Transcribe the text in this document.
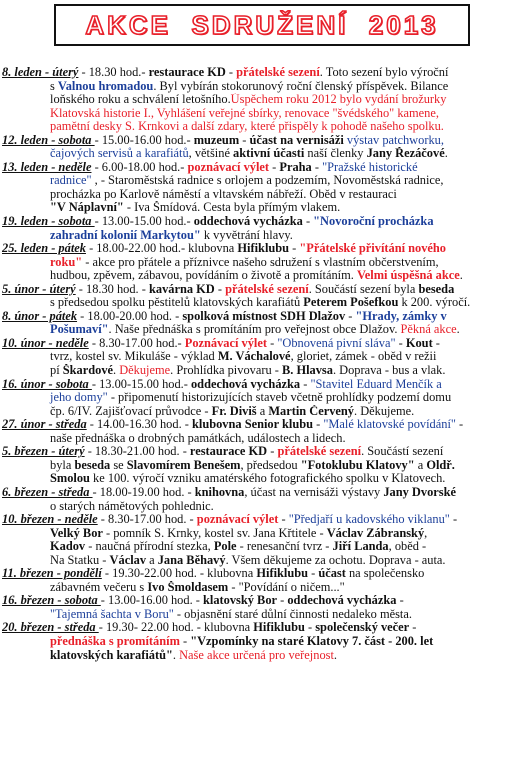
AKCE  SDRUŽENÍ  2013

8. leden - úterý - 18.30 hod.- restaurace KD - přátelské sezení. Toto sezení bylo výroční

s Valnou hromadou. Byl vybírán stokorunový roční členský příspěvek. Bilance

loňského roku a schválení letošního.Úspěchem roku 2012 bylo vydání brožurky

Klatovská historie I., Vyhlášení veřejné sbírky, renovace "švédského" kamene,

pamětní desky S. Krnkovi a další zdary, které přispěly k pohodě našeho spolku.

12. leden - sobota - 15.00-16.00 hod.- muzeum - účast na vernisáži výstav patchworku,

čajových servisů a karafiátů, většiné aktivní účasti naší členky Jany Řezáčové.

13. leden - neděle - 6.00-18.00 hod.- poznávací výlet - Praha - "Pražské historické

radnice" , - Staroměstská radnice s orlojem a podzemím, Novoměstská radnice,

procházka po Karlově náměstí a vltavském nábřeží. Oběd v restauraci

"V Náplavní" - Iva Šmídová. Cesta byla přímým vlakem.

19. leden - sobota - 13.00-15.00 hod.- oddechová vycházka - "Novoroční procházka

zahradní kolonií Markytou" k vyvětrání hlavy.

25. leden - pátek - 18.00-22.00 hod.- klubovna Hifiklubu - "Přátelské přivítání nového

roku" - akce pro přátele a příznivce našeho sdružení s vlastním občerstvením,

hudbou, zpěvem, zábavou, povídáním o životě a promítáním. Velmi úspěšná akce.

5. únor - úterý - 18.30 hod. - kavárna KD - přátelské sezení. Součástí sezení byla beseda

s předsedou spolku pěstitelů klatovských karafiátů Peterem Pošefkou k 200. výročí.

8. únor - pátek - 18.00-20.00 hod. - spolková místnost SDH Dlažov - "Hrady, zámky v

Pošumaví". Naše přednáška s promítáním pro veřejnost obce Dlažov. Pěkná akce.

10. únor - neděle - 8.30-17.00 hod.- Poznávací výlet - "Obnovená pivní sláva" - Kout -

tvrz, kostel sv. Mikuláše - výklad M. Váchalové, gloriet, zámek - oběd v režii

pí Škardové. Děkujeme. Prohlídka pivovaru - B. Hlavsa. Doprava - bus a vlak.

16. únor - sobota - 13.00-15.00 hod.- oddechová vycházka - "Stavitel Eduard Menčík a

jeho domy" - připomenutí historizujících staveb včetně prohlídky podzemí domu

čp. 6/IV. Zajišťovací průvodce - Fr. Diviš a Martin Červený. Děkujeme.

27. únor - středa - 14.00-16.30 hod. - klubovna Senior klubu - "Malé klatovské povídání" -

naše přednáška o drobných památkách, událostech a lidech.

5. březen - úterý - 18.30-21.00 hod. - restaurace KD - přátelské sezení. Součástí sezení

byla beseda se Slavomírem Benešem, předsedou "Fotoklubu Klatovy" a Oldř.

Smolou ke 100. výročí vzniku amatérského fotografického spolku v Klatovech.

6. březen - středa - 18.00-19.00 hod. - knihovna, účast na vernisáži výstavy Jany Dvorské

o starých námětových pohlednic.

10. březen - neděle - 8.30-17.00 hod. - poznávací výlet - "Předjaří u kadovského viklanu" -

Velký Bor - pomník S. Krnky, kostel sv. Jana Křtitele - Václav Zábranský,

Kadov - naučná přírodní stezka, Pole - renesanční tvrz - Jiří Landa, oběd -

Na Statku - Václav a Jana Běhavý. Všem děkujeme za ochotu. Doprava - auta.

11. březen - pondělí - 19.30-22.00 hod. - klubovna Hifiklubu - účast na společensko

zábavném večeru s Ivo Šmoldasem - "Povídání o ničem..."

16. březen - sobota - 13.00-16.00 hod. - klatovský Bor - oddechová vycházka -

"Tajemná šachta v Boru" - objasnění staré důlní činnosti nedaleko města.

20. březen - středa - 19.30- 22.00 hod. - klubovna Hifiklubu - společenský večer -

přednáška s promítáním - "Vzpomínky na staré Klatovy 7. část - 200. let

klatovských karafiátů". Naše akce určená pro veřejnost.
